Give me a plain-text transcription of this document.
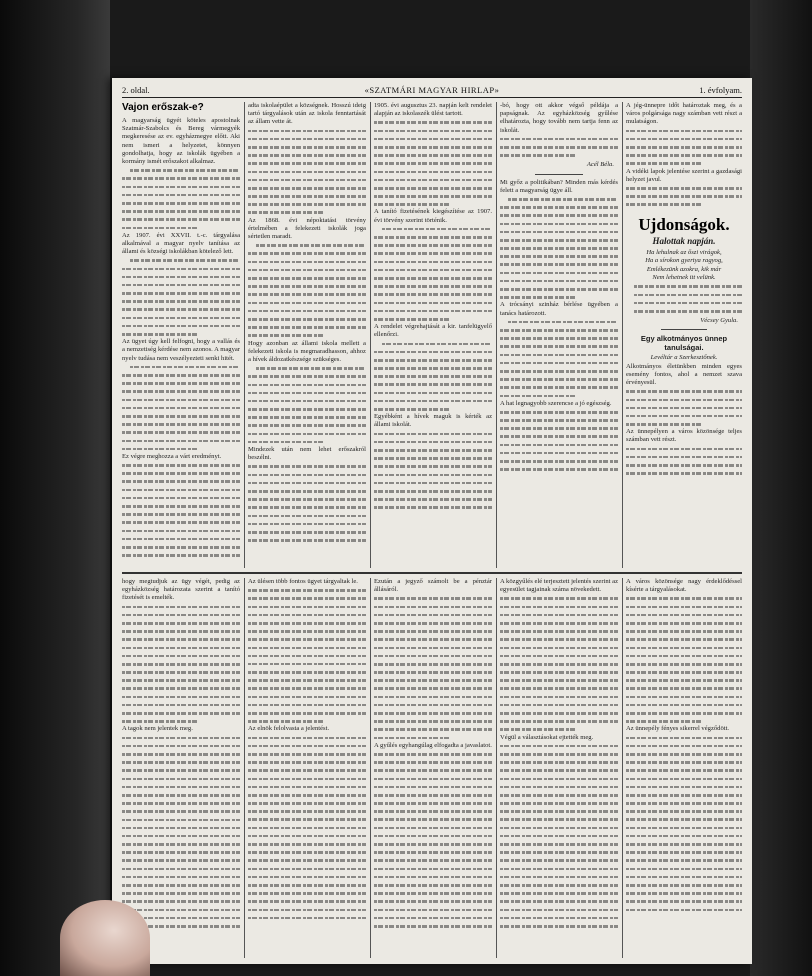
2. oldal.	«SZATMÁRI MAGYAR HIRLAP»	1. évfolyam.
Vajon erőszak-e?

A magyarság ügyét köteles apostolnak Szatmár-Szabolcs és Bereg vármegyék megkeresése az ev. egyházmegye előtt. Aki nem ismeri a helyzetet, könnyen gondolhatja, hogy az iskolák ügyében a kormány ismét erőszakot alkalmaz.

Az 1907. évi XXVII. t.-c. tárgyalása alkalmával a magyar nyelv tanítása az állami és községi iskolákban kötelező lett.

Az ügyet úgy kell felfogni, hogy a vallás és a nemzetiség kérdése nem azonos. A magyar nyelv tudása nem veszélyezteti senki hitét.

Ez végre meghozza a várt eredményt.

adta iskolaépület a községnek. Hosszú ideig tartó tárgyalások után az iskola fenntartását az állam vette át.

Az 1868. évi népoktatási törvény értelmében a felekezeti iskolák joga sértetlen maradt.

Hogy azonban az állami iskola mellett a felekezeti iskola is megmaradhasson, ahhoz a hívek áldozatkészsége szükséges.

Mindezek után nem lehet erőszakról beszélni.

1905. évi augusztus 23. napján kelt rendelet alapján az iskolaszék ülést tartott.

A tanító fizetésének kiegészítése az 1907. évi törvény szerint történik.

A rendelet végrehajtását a kir. tanfelügyelő ellenőrzi.

Egyébként a hívek maguk is kérték az állami iskolát.

-bó, hogy ott akkor végső példája a papságnak. Az egyházközség gyűlése elhatározta, hogy tovább nem tartja fenn az iskolát.

Acél Béla.

Mi győz a politikában? Minden más kérdés felett a magyarság ügye áll.

A trócsányi szinház bérlése ügyében a tanács határozott.

A hat legnagyobb szerencse a jó egészség.

A jég-ünnepre időt határoztak meg, és a város polgársága nagy számban vett részt a mulatságon.

A vidéki lapok jelentése szerint a gazdasági helyzet javul.

Ujdonságok.
Halottak napján.
Ha lehulnak az őszi virágok,
Ha a sírokon gyertya ragyog,
Emlékezünk azokra, kik már
Nem lehetnek itt velünk.
Vécsey Gyula.
Egy alkotmányos ünnep tanulságai.
Levéltár a Szerkesztőnek.

Alkotmányos életünkben minden egyes esemény fontos, ahol a nemzet szava érvényesül.

Az ünnepélyen a város közönsége teljes számban vett részt.

hogy megtudjuk az ügy végét, pedig az egyházközség határozata szerint a tanító fizetését is emelték.

A tagok nem jelentek meg.

Az ülésen több fontos ügyet tárgyaltak le.

Az elnök felolvasta a jelentést.

Ezután a jegyző számolt be a pénztár állásáról.

A gyűlés egyhangúlag elfogadta a javaslatot.

A közgyűlés elé terjesztett jelentés szerint az egyesület tagjainak száma növekedett.

Végül a választásokat ejtették meg.

A város közönsége nagy érdeklődéssel kísérte a tárgyalásokat.

Az ünnepély fényes sikerrel végződött.
